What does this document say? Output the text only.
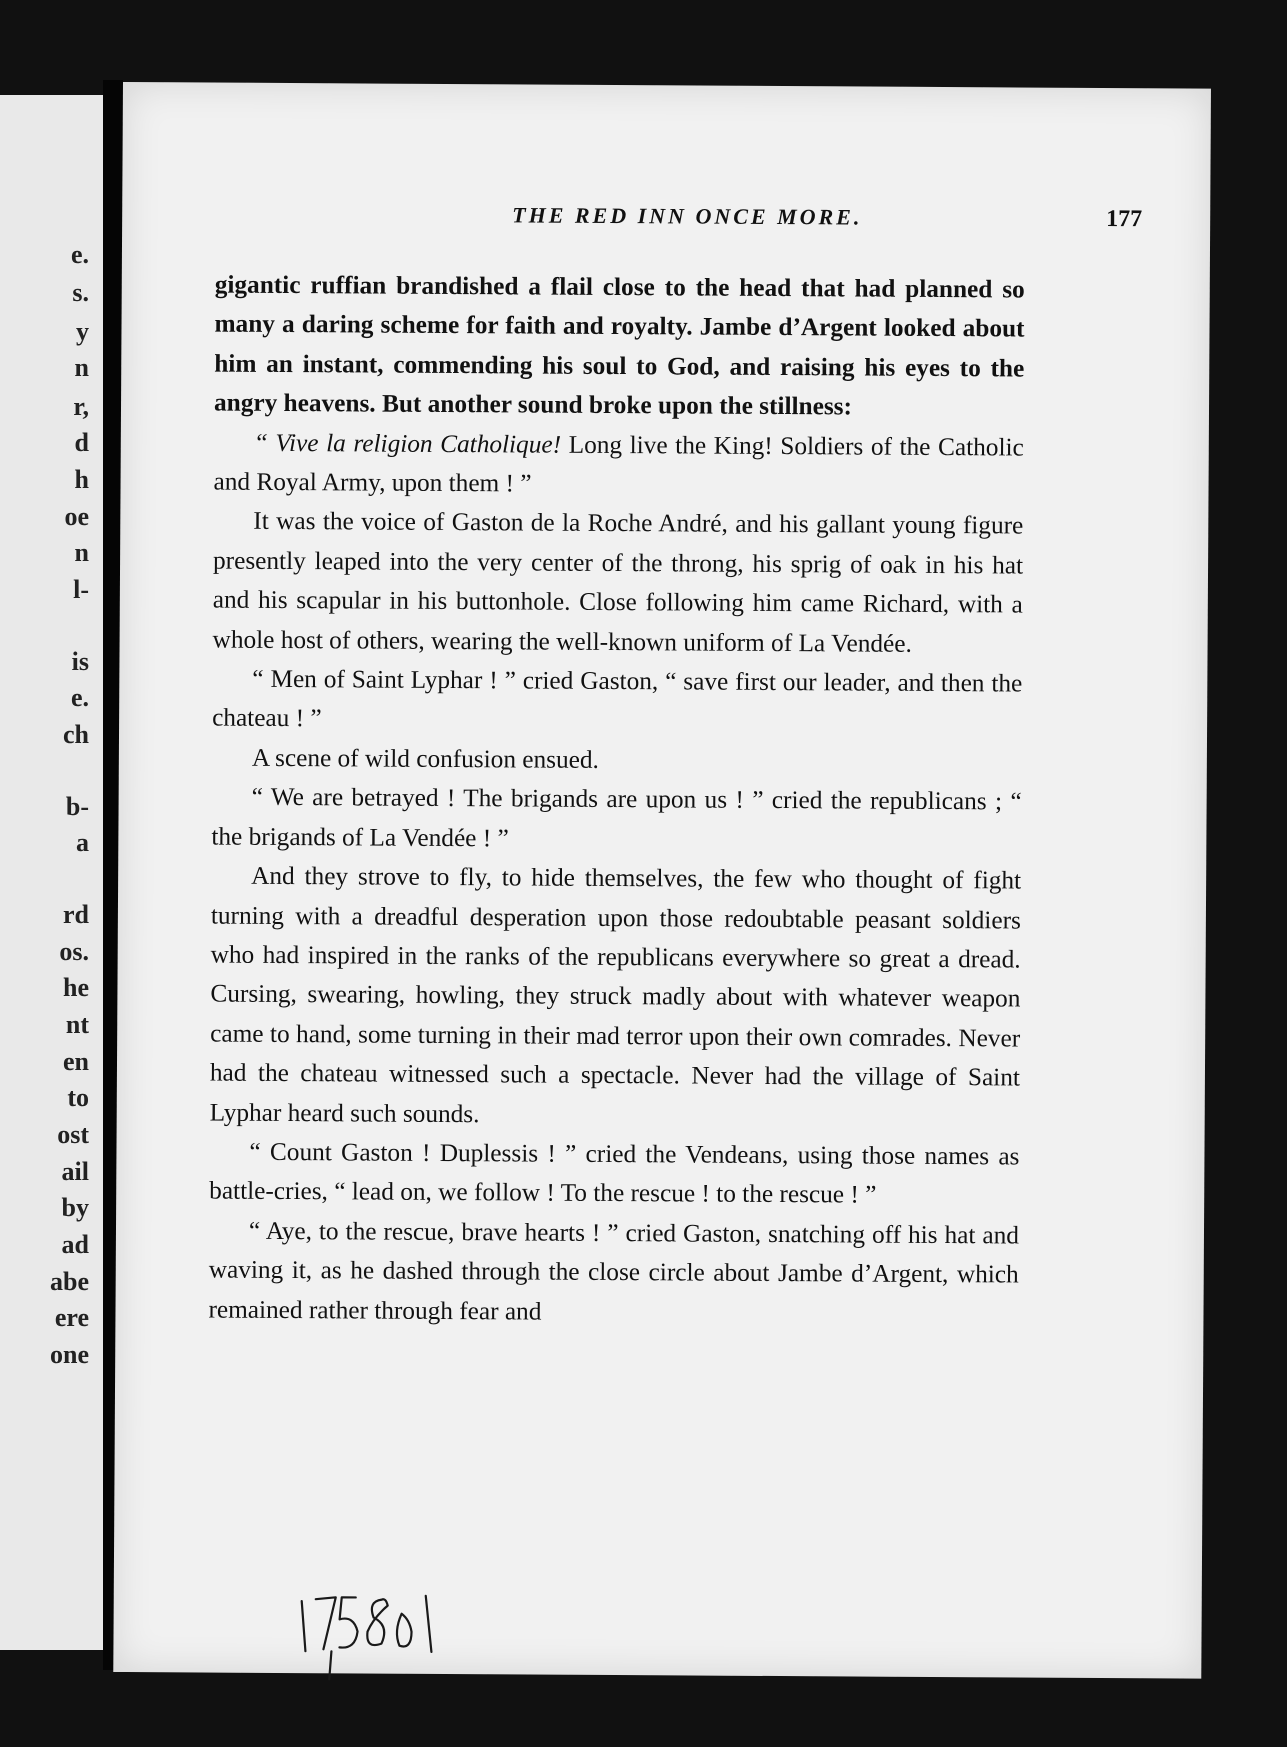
e.
s.
y
n
r,
d
h
oe
n
l-
is
e.
ch
b-
a
rd
os.
he
nt
en
to
ost
ail
by
ad
abe
ere
one
THE RED INN ONCE MORE.	177

gigantic ruffian brandished a flail close to the head that had planned so many a daring scheme for faith and royalty. Jambe d’Argent looked about him an instant, commending his soul to God, and raising his eyes to the angry heavens. But another sound broke upon the stillness:

“ Vive la religion Catholique! Long live the King! Soldiers of the Catholic and Royal Army, upon them ! ”

It was the voice of Gaston de la Roche André, and his gallant young figure presently leaped into the very center of the throng, his sprig of oak in his hat and his scapular in his buttonhole. Close following him came Richard, with a whole host of others, wearing the well-known uniform of La Vendée.

“ Men of Saint Lyphar ! ” cried Gaston, “ save first our leader, and then the chateau ! ”

A scene of wild confusion ensued.

“ We are betrayed ! The brigands are upon us ! ” cried the republicans ; “ the brigands of La Vendée ! ”

And they strove to fly, to hide themselves, the few who thought of fight turning with a dreadful desperation upon those redoubtable peasant soldiers who had inspired in the ranks of the republicans everywhere so great a dread. Cursing, swearing, howling, they struck madly about with whatever weapon came to hand, some turning in their mad terror upon their own comrades. Never had the chateau witnessed such a spectacle. Never had the village of Saint Lyphar heard such sounds.

“ Count Gaston ! Duplessis ! ” cried the Vendeans, using those names as battle-cries, “ lead on, we follow ! To the rescue ! to the rescue ! ”

“ Aye, to the rescue, brave hearts ! ” cried Gaston, snatching off his hat and waving it, as he dashed through the close circle about Jambe d’Argent, which remained rather through fear and
